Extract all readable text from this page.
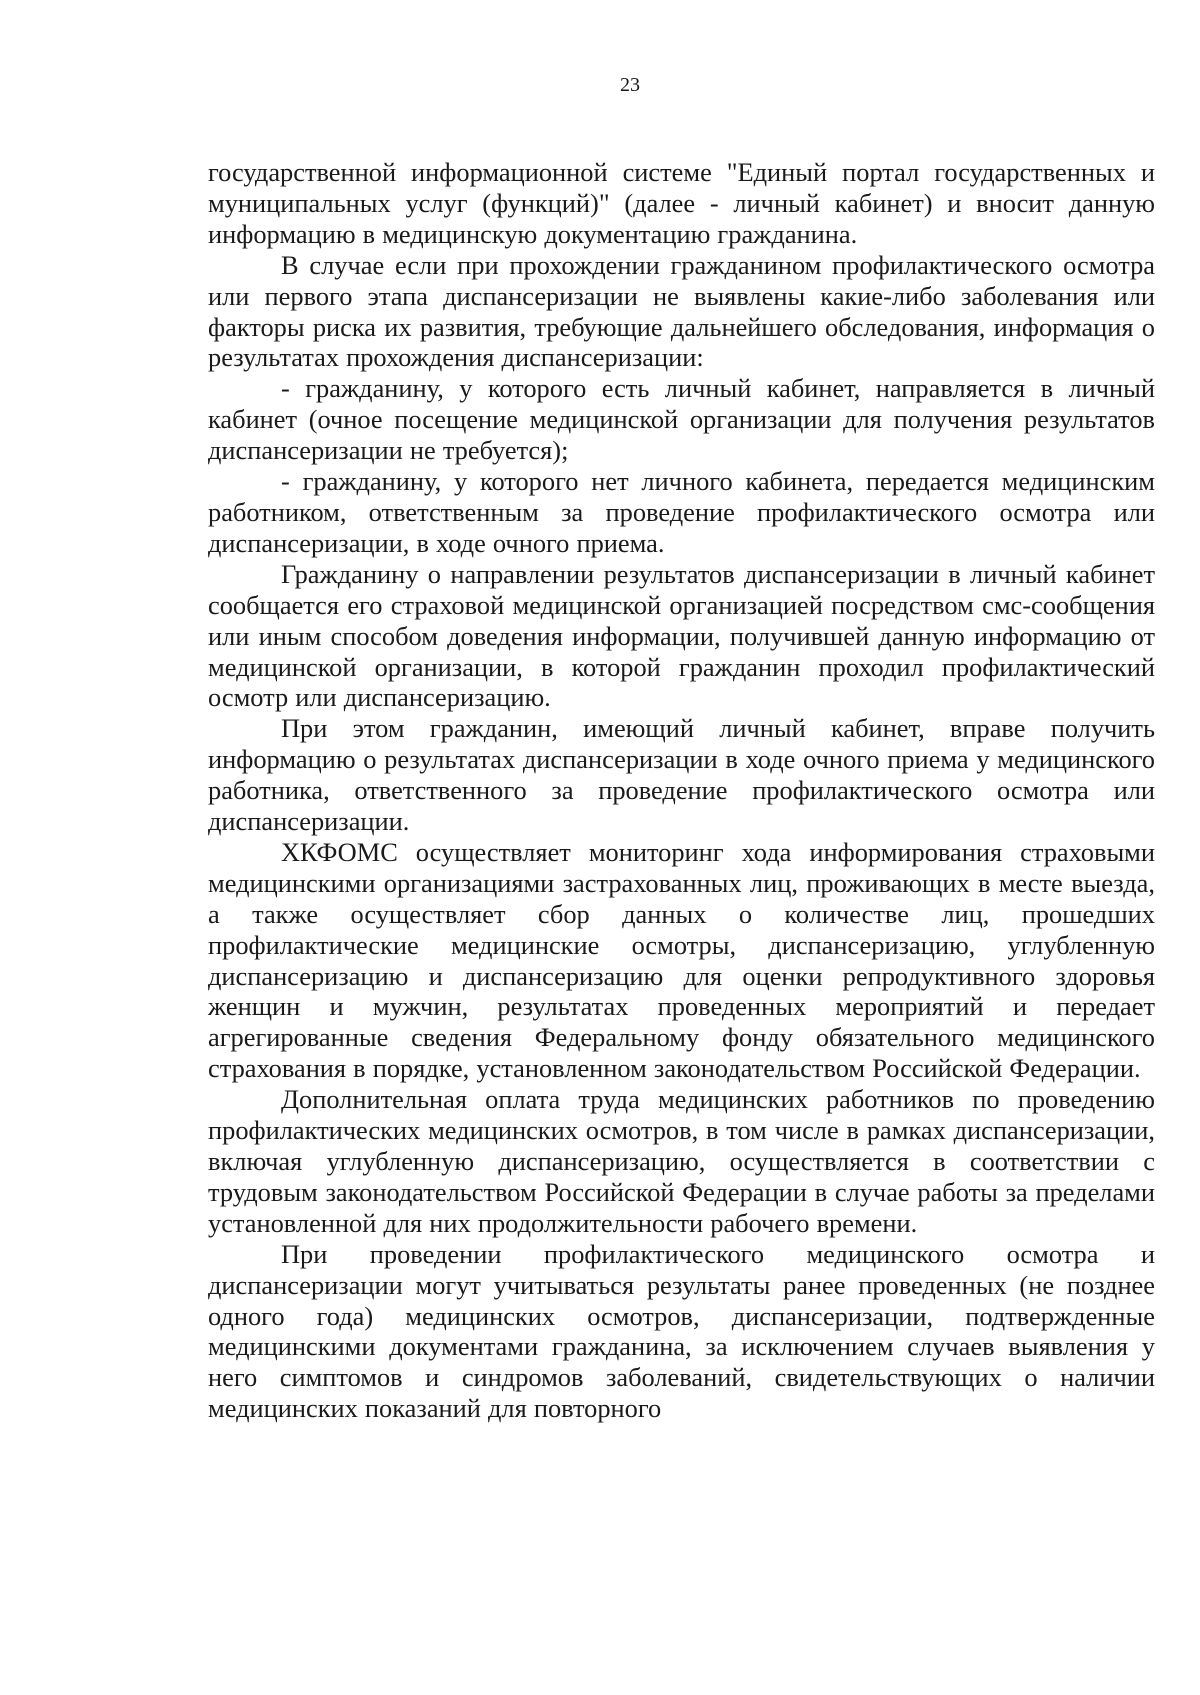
23

государственной информационной системе "Единый портал государственных и муниципальных услуг (функций)" (далее - личный кабинет) и вносит данную информацию в медицинскую документацию гражданина.

В случае если при прохождении гражданином профилактического осмотра или первого этапа диспансеризации не выявлены какие-либо заболевания или факторы риска их развития, требующие дальнейшего обследования, информация о результатах прохождения диспансеризации:

- гражданину, у которого есть личный кабинет, направляется в личный кабинет (очное посещение медицинской организации для получения результатов диспансеризации не требуется);

- гражданину, у которого нет личного кабинета, передается медицинским работником, ответственным за проведение профилактического осмотра или диспансеризации, в ходе очного приема.

Гражданину о направлении результатов диспансеризации в личный кабинет сообщается его страховой медицинской организацией посредством смс-сообщения или иным способом доведения информации, получившей данную информацию от медицинской организации, в которой гражданин проходил профилактический осмотр или диспансеризацию.

При этом гражданин, имеющий личный кабинет, вправе получить информацию о результатах диспансеризации в ходе очного приема у медицинского работника, ответственного за проведение профилактического осмотра или диспансеризации.

ХКФОМС осуществляет мониторинг хода информирования страховыми медицинскими организациями застрахованных лиц, проживающих в месте выезда, а также осуществляет сбор данных о количестве лиц, прошедших профилактические медицинские осмотры, диспансеризацию, углубленную диспансеризацию и диспансеризацию для оценки репродуктивного здоровья женщин и мужчин, результатах проведенных мероприятий и передает агрегированные сведения Федеральному фонду обязательного медицинского страхования в порядке, установленном законодательством Российской Федерации.

Дополнительная оплата труда медицинских работников по проведению профилактических медицинских осмотров, в том числе в рамках диспансеризации, включая углубленную диспансеризацию, осуществляется в соответствии с трудовым законодательством Российской Федерации в случае работы за пределами установленной для них продолжительности рабочего времени.

При проведении профилактического медицинского осмотра и диспансеризации могут учитываться результаты ранее проведенных (не позднее одного года) медицинских осмотров, диспансеризации, подтвержденные медицинскими документами гражданина, за исключением случаев выявления у него симптомов и синдромов заболеваний, свидетельствующих о наличии медицинских показаний для повторного
